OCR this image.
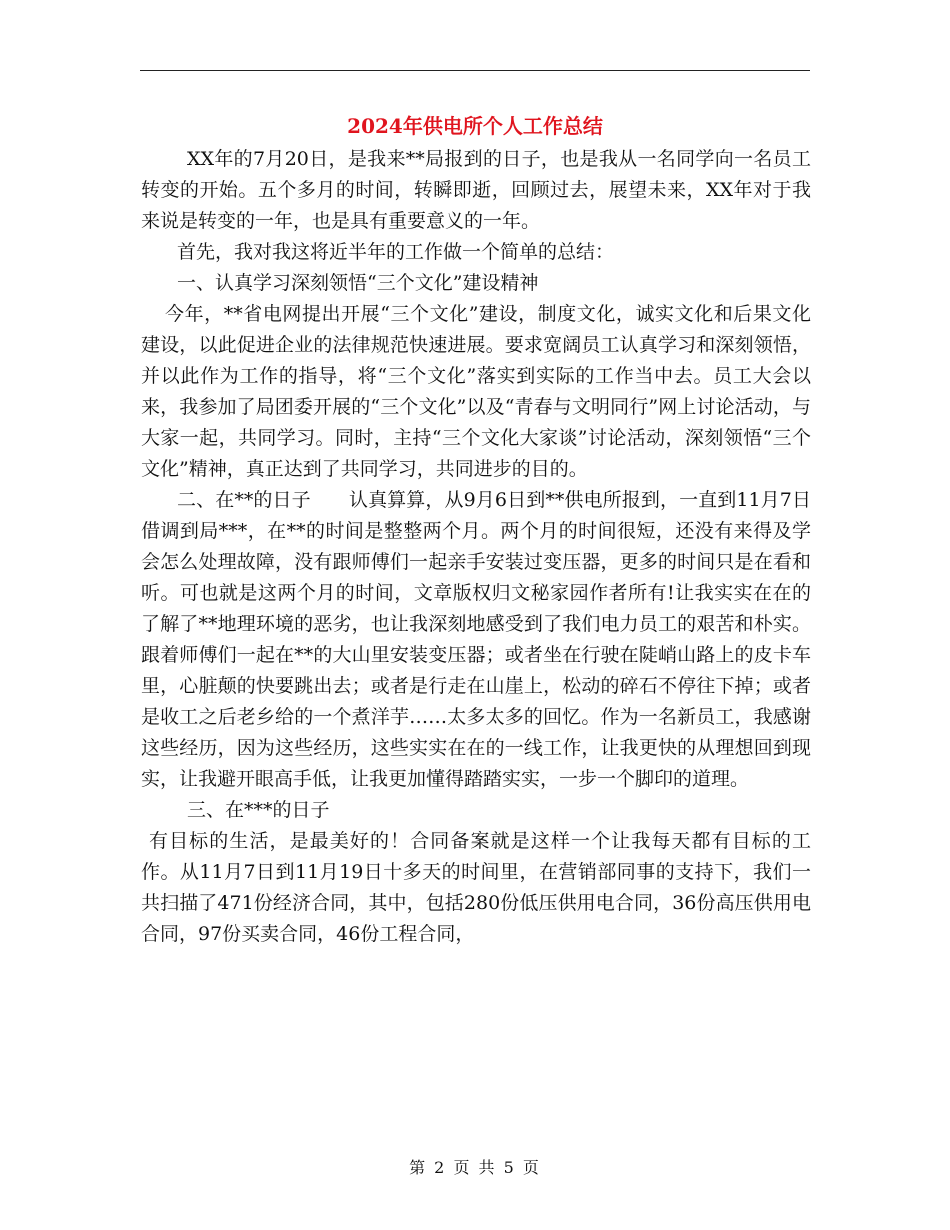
2024年供电所个人工作总结

XX年的7月20日，是我来**局报到的日子，也是我从一名同学向一名员工转变的开始。五个多月的时间，转瞬即逝，回顾过去，展望未来，XX年对于我来说是转变的一年，也是具有重要意义的一年。

首先，我对我这将近半年的工作做一个简单的总结：

一、认真学习深刻领悟“三个文化”建设精神

今年，**省电网提出开展“三个文化”建设，制度文化，诚实文化和后果文化建设，以此促进企业的法律规范快速进展。要求宽阔员工认真学习和深刻领悟，并以此作为工作的指导，将“三个文化”落实到实际的工作当中去。员工大会以来，我参加了局团委开展的“三个文化”以及“青春与文明同行”网上讨论活动，与大家一起，共同学习。同时，主持“三个文化大家谈”讨论活动，深刻领悟“三个文化”精神，真正达到了共同学习，共同进步的目的。

二、在**的日子　　认真算算，从9月6日到**供电所报到，一直到11月7日借调到局***，在**的时间是整整两个月。两个月的时间很短，还没有来得及学会怎么处理故障，没有跟师傅们一起亲手安装过变压器，更多的时间只是在看和听。可也就是这两个月的时间，文章版权归文秘家园作者所有!让我实实在在的了解了**地理环境的恶劣，也让我深刻地感受到了我们电力员工的艰苦和朴实。跟着师傅们一起在**的大山里安装变压器；或者坐在行驶在陡峭山路上的皮卡车里，心脏颠的快要跳出去；或者是行走在山崖上，松动的碎石不停往下掉；或者是收工之后老乡给的一个煮洋芋……太多太多的回忆。作为一名新员工，我感谢这些经历，因为这些经历，这些实实在在的一线工作，让我更快的从理想回到现实，让我避开眼高手低，让我更加懂得踏踏实实，一步一个脚印的道理。

三、在***的日子

有目标的生活，是最美好的！合同备案就是这样一个让我每天都有目标的工作。从11月7日到11月19日十多天的时间里，在营销部同事的支持下，我们一共扫描了471份经济合同，其中，包括280份低压供用电合同，36份高压供用电合同，97份买卖合同，46份工程合同，

第 2 页 共 5 页
